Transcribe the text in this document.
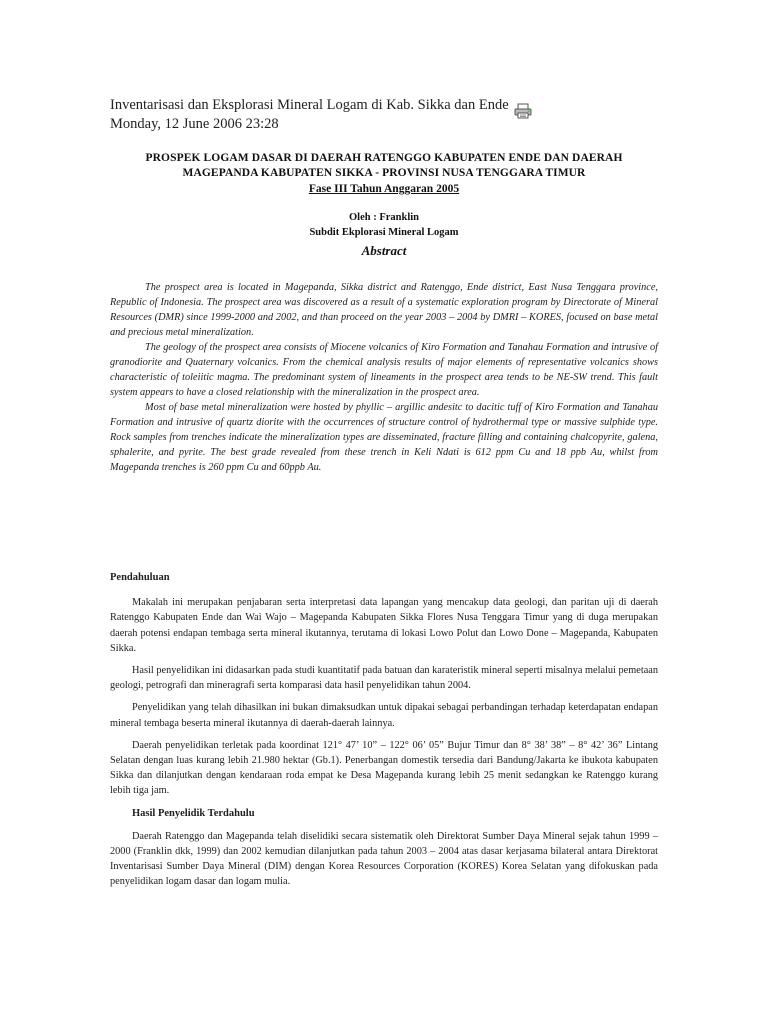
Inventarisasi dan Eksplorasi Mineral Logam di Kab. Sikka dan Ende
Monday, 12 June 2006 23:28
PROSPEK LOGAM DASAR DI DAERAH RATENGGO KABUPATEN ENDE DAN DAERAH MAGEPANDA KABUPATEN SIKKA - PROVINSI NUSA TENGGARA TIMUR
Fase III Tahun Anggaran 2005
Oleh : Franklin
Subdit Ekplorasi Mineral Logam
Abstract

The prospect area is located in Magepanda, Sikka district and Ratenggo, Ende district, East Nusa Tenggara province, Republic of Indonesia. The prospect area was discovered as a result of a systematic exploration program by Directorate of Mineral Resources (DMR) since 1999-2000 and 2002, and than proceed on the year 2003 – 2004 by DMRI – KORES, focused on base metal and precious metal mineralization.

The geology of the prospect area consists of Miocene volcanics of Kiro Formation and Tanahau Formation and intrusive of granodiorite and Quaternary volcanics. From the chemical analysis results of major elements of representative volcanics shows characteristic of toleiitic magma. The predominant system of lineaments in the prospect area tends to be NE-SW trend. This fault system appears to have a closed relationship with the mineralization in the prospect area.

Most of base metal mineralization were hosted by phyllic – argillic andesitc to dacitic tuff of Kiro Formation and Tanahau Formation and intrusive of quartz diorite with the occurrences of structure control of hydrothermal type or massive sulphide type. Rock samples from trenches indicate the mineralization types are disseminated, fracture filling and containing chalcopyrite, galena, sphalerite, and pyrite. The best grade revealed from these trench in Keli Ndati is 612 ppm Cu and 18 ppb Au, whilst from Magepanda trenches is 260 ppm Cu and 60ppb Au.

Pendahuluan

Makalah ini merupakan penjabaran serta interpretasi data lapangan yang mencakup data geologi, dan paritan uji di daerah Ratenggo Kabupaten Ende dan Wai Wajo – Magepanda Kabupaten Sikka Flores Nusa Tenggara Timur yang di duga merupakan daerah potensi endapan tembaga serta mineral ikutannya, terutama di lokasi Lowo Polut dan Lowo Done – Magepanda, Kabupaten Sikka.

Hasil penyelidikan ini didasarkan pada studi kuantitatif pada batuan dan karateristik mineral seperti misalnya melalui pemetaan geologi, petrografi dan mineragrafi serta komparasi data hasil penyelidikan tahun 2004.

Penyelidikan yang telah dihasilkan ini bukan dimaksudkan untuk dipakai sebagai perbandingan terhadap keterdapatan endapan mineral tembaga beserta mineral ikutannya di daerah-daerah lainnya.

Daerah penyelidikan terletak pada koordinat 121° 47’ 10” – 122° 06’ 05” Bujur Timur dan 8° 38’ 38” – 8° 42’ 36” Lintang Selatan dengan luas kurang lebih 21.980 hektar (Gb.1). Penerbangan domestik tersedia dari Bandung/Jakarta ke ibukota kabupaten Sikka dan dilanjutkan dengan kendaraan roda empat ke Desa Magepanda kurang lebih 25 menit sedangkan ke Ratenggo kurang lebih tiga jam.

Hasil Penyelidik Terdahulu

Daerah Ratenggo dan Magepanda telah diselidiki secara sistematik oleh Direktorat Sumber Daya Mineral sejak tahun 1999 – 2000 (Franklin dkk, 1999) dan 2002 kemudian dilanjutkan pada tahun 2003 – 2004 atas dasar kerjasama bilateral antara Direktorat Inventarisasi Sumber Daya Mineral (DIM) dengan Korea Resources Corporation (KORES) Korea Selatan yang difokuskan pada penyelidikan logam dasar dan logam mulia.
